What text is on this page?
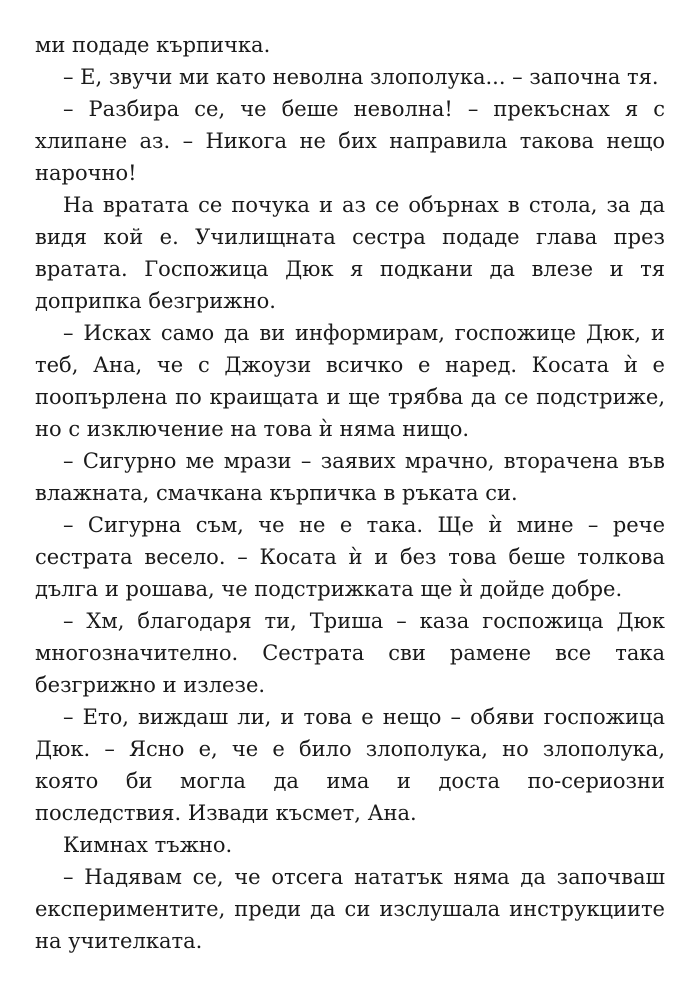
ми подаде кърпичка.

– Е, звучи ми като неволна злополука... – започна тя.

– Разбира се, че беше неволна! – прекъснах я с хлипане аз. – Никога не бих направила такова нещо нарочно!

На вратата се почука и аз се обърнах в стола, за да видя кой е. Училищната сестра подаде глава през вратата. Госпожица Дюк я подкани да влезе и тя доприпка безгрижно.

– Исках само да ви информирам, госпожице Дюк, и теб, Ана, че с Джоузи всичко е наред. Косата ѝ е поопърлена по краищата и ще трябва да се подстриже, но с изключение на това ѝ няма нищо.

– Сигурно ме мрази – заявих мрачно, вторачена във влажната, смачкана кърпичка в ръката си.

– Сигурна съм, че не е така. Ще ѝ мине – рече сестрата весело. – Косата ѝ и без това беше толкова дълга и рошава, че подстрижката ще ѝ дойде добре.

– Хм, благодаря ти, Триша – каза госпожица Дюк многозначително. Сестрата сви рамене все така безгрижно и излезе.

– Ето, виждаш ли, и това е нещо – обяви госпожица Дюк. – Ясно е, че е било злополука, но злополука, която би могла да има и доста по-сериозни последствия. Извади късмет, Ана.

Кимнах тъжно.

– Надявам се, че отсега нататък няма да започваш експериментите, преди да си изслушала инструкциите на учителката.
